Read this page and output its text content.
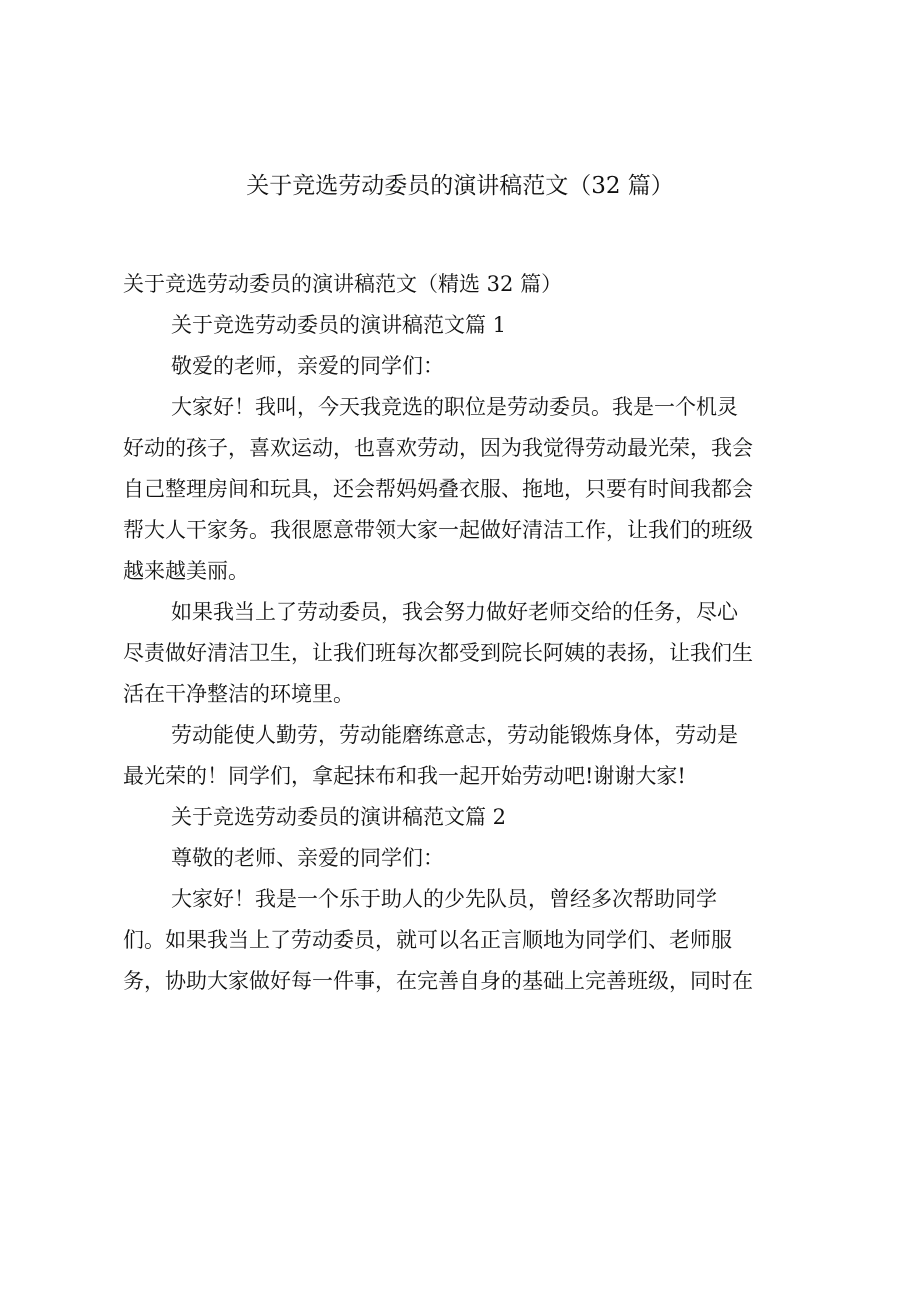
关于竞选劳动委员的演讲稿范文（32 篇）
关于竞选劳动委员的演讲稿范文（精选 32 篇）
关于竞选劳动委员的演讲稿范文篇 1
敬爱的老师，亲爱的同学们：
大家好！我叫，今天我竞选的职位是劳动委员。我是一个机灵
好动的孩子，喜欢运动，也喜欢劳动，因为我觉得劳动最光荣，我会
自己整理房间和玩具，还会帮妈妈叠衣服、拖地，只要有时间我都会
帮大人干家务。我很愿意带领大家一起做好清洁工作，让我们的班级
越来越美丽。
如果我当上了劳动委员，我会努力做好老师交给的任务，尽心
尽责做好清洁卫生，让我们班每次都受到院长阿姨的表扬，让我们生
活在干净整洁的环境里。
劳动能使人勤劳，劳动能磨练意志，劳动能锻炼身体，劳动是
最光荣的！同学们，拿起抹布和我一起开始劳动吧!谢谢大家!
关于竞选劳动委员的演讲稿范文篇 2
尊敬的老师、亲爱的同学们：
大家好！我是一个乐于助人的少先队员，曾经多次帮助同学
们。如果我当上了劳动委员，就可以名正言顺地为同学们、老师服
务，协助大家做好每一件事，在完善自身的基础上完善班级，同时在
